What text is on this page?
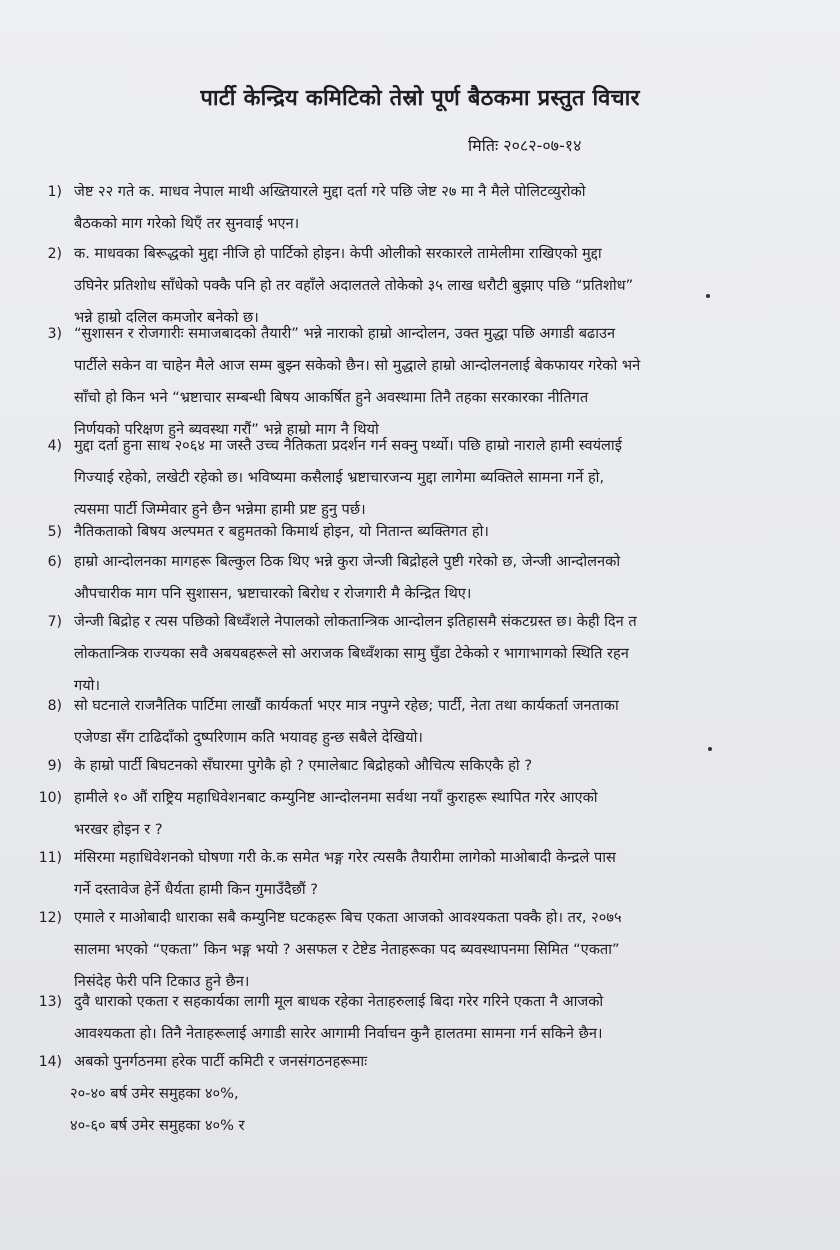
पार्टी केन्द्रिय कमिटिको तेस्रो पूर्ण बैठकमा प्रस्तुत विचार
मितिः २०८२-०७-१४
1) जेष्ट २२ गते क. माधव नेपाल माथी अख्तियारले मुद्दा दर्ता गरे पछि जेष्ट २७ मा नै मैले पोलिटव्युरोको
बैठकको माग गरेको थिएँ तर सुनवाई भएन।
2) क. माधवका बिरूद्धको मुद्दा नीजि हो पार्टिको होइन। केपी ओलीको सरकारले तामेलीमा राखिएको मुद्दा
उघिनेर प्रतिशोध साँधेको पक्कै पनि हो तर वहाँले अदालतले तोकेको ३५ लाख धरौटी बुझाए पछि “प्रतिशोध”
भन्ने हाम्रो दलिल कमजोर बनेको छ।
3) “सुशासन र रोजगारीः समाजबादको तैयारी” भन्ने नाराको हाम्रो आन्दोलन, उक्त मुद्धा पछि अगाडी बढाउन
पार्टीले सकेन वा चाहेन मैले आज सम्म बुझ्न सकेको छैन। सो मुद्धाले हाम्रो आन्दोलनलाई बेकफायर गरेको भने
साँचो हो किन भने “भ्रष्टाचार सम्बन्धी बिषय आकर्षित हुने अवस्थामा तिनै तहका सरकारका नीतिगत
निर्णयको परिक्षण हुने ब्यवस्था गरौं” भन्ने हाम्रो माग नै थियो
4) मुद्दा दर्ता हुना साथ २०६४ मा जस्तै उच्च नैतिकता प्रदर्शन गर्न सक्नु पर्थ्यो। पछि हाम्रो नाराले हामी स्वयंलाई
गिज्याई रहेको, लखेटी रहेको छ। भविष्यमा कसैलाई भ्रष्टाचारजन्य मुद्दा लागेमा ब्यक्तिले सामना गर्ने हो,
त्यसमा पार्टी जिम्मेवार हुने छैन भन्नेमा हामी प्रष्ट हुनु पर्छ।
5) नैतिकताको बिषय अल्पमत र बहुमतको किमार्थ होइन, यो नितान्त ब्यक्तिगत हो।
6) हाम्रो आन्दोलनका मागहरू बिल्कुल ठिक थिए भन्ने कुरा जेन्जी बिद्रोहले पुष्टी गरेको छ, जेन्जी आन्दोलनको
औपचारीक माग पनि सुशासन, भ्रष्टाचारको बिरोध र रोजगारी मै केन्द्रित थिए।
7) जेन्जी बिद्रोह र त्यस पछिको बिध्वँशले नेपालको लोकतान्त्रिक आन्दोलन इतिहासमै संकटग्रस्त छ। केही दिन त
लोकतान्त्रिक राज्यका सवै अबयबहरूले सो अराजक बिध्वँशका सामु घुँडा टेकेको र भागाभागको स्थिति रहन
गयो।
8) सो घटनाले राजनैतिक पार्टिमा लाखौं कार्यकर्ता भएर मात्र नपुग्ने रहेछ; पार्टी, नेता तथा कार्यकर्ता जनताका
एजेण्डा सँग टाढिदाँको दुष्परिणाम कति भयावह हुन्छ सबैले देखियो।
9) के हाम्रो पार्टी बिघटनको सँघारमा पुगेकै हो ? एमालेबाट बिद्रोहको औचित्य सकिएकै हो ?
10) हामीले १० औं राष्ट्रिय महाधिवेशनबाट कम्युनिष्ट आन्दोलनमा सर्वथा नयाँ कुराहरू स्थापित गरेर आएको
भरखर होइन र ?
11) मंसिरमा महाधिवेशनको घोषणा गरी के.क समेत भङ्ग गरेर त्यसकै तैयारीमा लागेको माओबादी केन्द्रले पास
गर्ने दस्तावेज हेर्ने धैर्यता हामी किन गुमाउँदैछौं ?
12) एमाले र माओबादी धाराका सबै कम्युनिष्ट घटकहरू बिच एकता आजको आवश्यकता पक्कै हो। तर, २०७५
सालमा भएको “एकता” किन भङ्ग भयो ? असफल र टेष्टेड नेताहरूका पद ब्यवस्थापनमा सिमित “एकता”
निसंदेह फेरी पनि टिकाउ हुने छैन।
13) दुवै धाराको एकता र सहकार्यका लागी मूल बाधक रहेका नेताहरुलाई बिदा गरेर गरिने एकता नै आजको
आवश्यकता हो। तिनै नेताहरूलाई अगाडी सारेर आगामी निर्वाचन कुनै हालतमा सामना गर्न सकिने छैन।
14) अबको पुनर्गठनमा हरेक पार्टी कमिटी र जनसंगठनहरूमाः
२०-४० बर्ष उमेर समुहका ४०%,
४०-६० बर्ष उमेर समुहका ४०% र
